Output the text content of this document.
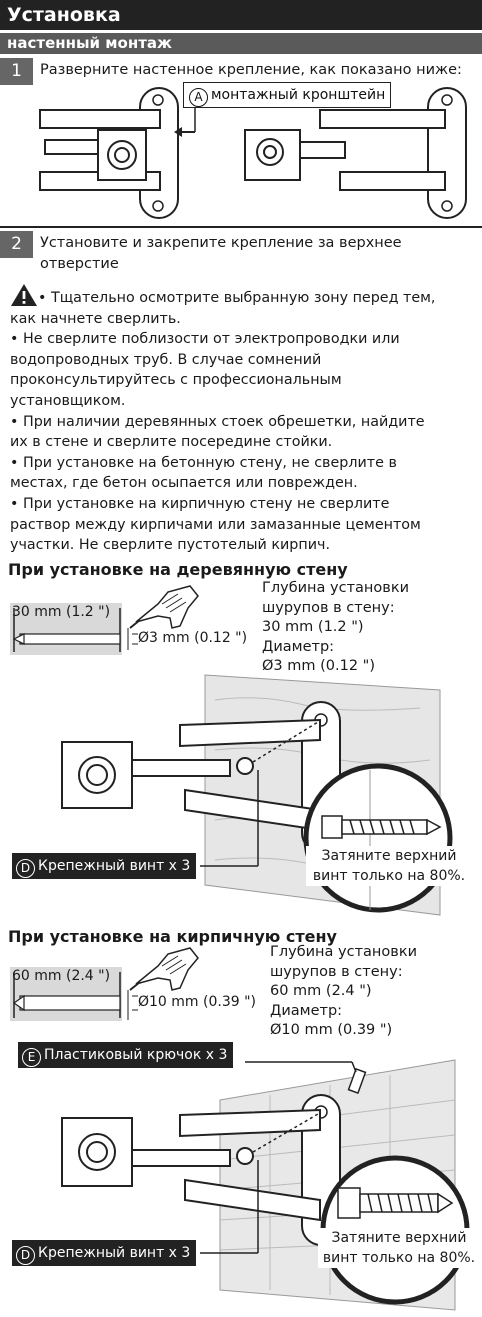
Установка
настенный монтаж
1	Разверните настенное крепление, как показано ниже:
A монтажный кронштейн
2	Установите и закрепите крепление за верхнее
отверстие
• Тщательно осмотрите выбранную зону перед тем,
как начнете сверлить.
• Не сверлите поблизости от электропроводки или
водопроводных труб. В случае сомнений
проконсультируйтесь с профессиональным
установщиком.
• При наличии деревянных стоек обрешетки, найдите
их в стене и сверлите посередине стойки.
• При установке на бетонную стену, не сверлите в
местах, где бетон осыпается или поврежден.
• При установке на кирпичную стену не сверлите
раствор между кирпичами или замазанные цементом
участки. Не сверлите пустотелый кирпич.
При установке на деревянную стену
30 mm (1.2 ")
Ø3 mm (0.12 ")
Глубина установки
шурупов в стену:
30 mm (1.2 ")
Диаметр:
Ø3 mm (0.12 ")
D Крепежный винт x 3
Затяните верхний
винт только на 80%.
При установке на кирпичную стену
60 mm (2.4 ")
Ø10 mm (0.39 ")
Глубина установки
шурупов в стену:
60 mm (2.4 ")
Диаметр:
Ø10 mm (0.39 ")
E Пластиковый крючок x 3
D Крепежный винт x 3
Затяните верхний
винт только на 80%.
